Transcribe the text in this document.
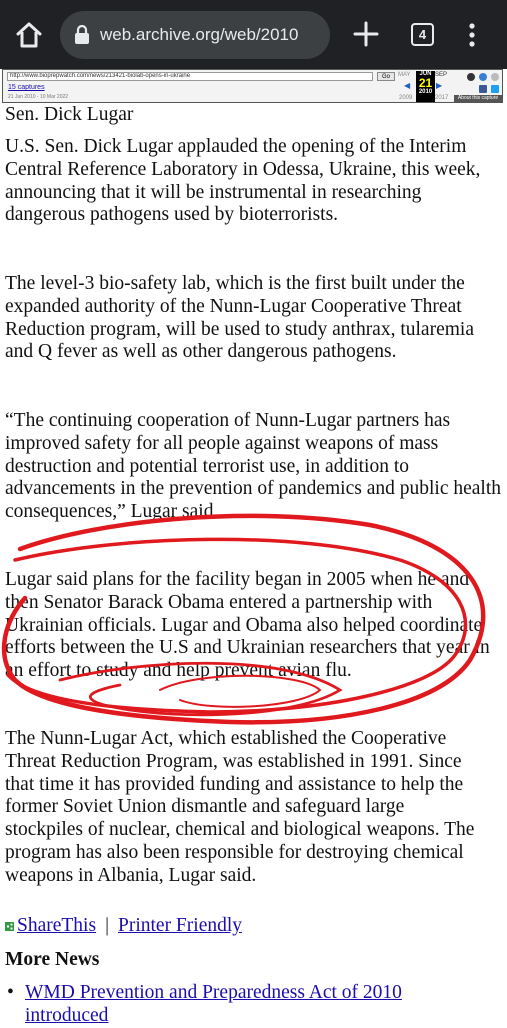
web.archive.org/web/2010	4
http://www.bioprepwatch.com/news/213421-biolab-opens-in-ukraine
Go
15 captures
21 Jun 2010 - 10 Mar 2022
MAY
◀
2009
JUN
21
2010
SEP
▶
2017	About this capture

Sen. Dick Lugar

U.S. Sen. Dick Lugar applauded the opening of the Interim Central Reference Laboratory in Odessa, Ukraine, this week, announcing that it will be instrumental in researching dangerous pathogens used by bioterrorists.

The level-3 bio-safety lab, which is the first built under the expanded authority of the Nunn-Lugar Cooperative Threat Reduction program, will be used to study anthrax, tularemia and Q fever as well as other dangerous pathogens.

“The continuing cooperation of Nunn-Lugar partners has improved safety for all people against weapons of mass destruction and potential terrorist use, in addition to advancements in the prevention of pandemics and public health consequences,” Lugar said.

Lugar said plans for the facility began in 2005 when he and then Senator Barack Obama entered a partnership with Ukrainian officials. Lugar and Obama also helped coordinate efforts between the U.S and Ukrainian researchers that year in an effort to study and help prevent avian flu.

The Nunn-Lugar Act, which established the Cooperative Threat Reduction Program, was established in 1991. Since that time it has provided funding and assistance to help the former Soviet Union dismantle and safeguard large stockpiles of nuclear, chemical and biological weapons. The program has also been responsible for destroying chemical weapons in Albania, Lugar said.

ShareThis | Printer Friendly
More News
• WMD Prevention and Preparedness Act of 2010 introduced
